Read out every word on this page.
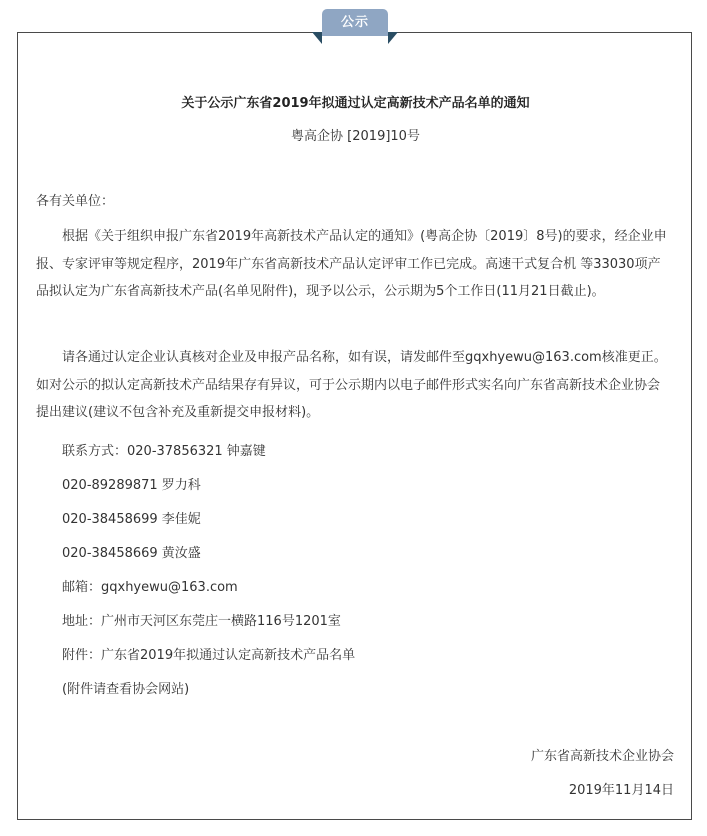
公示
关于公示广东省2019年拟通过认定高新技术产品名单的通知
粤高企协 [2019]10号
各有关单位：
根据《关于组织申报广东省2019年高新技术产品认定的通知》(粤高企协〔2019〕8号)的要求，经企业申报、专家评审等规定程序，2019年广东省高新技术产品认定评审工作已完成。高速干式复合机 等33030项产品拟认定为广东省高新技术产品(名单见附件)，现予以公示，公示期为5个工作日(11月21日截止)。
请各通过认定企业认真核对企业及申报产品名称，如有误，请发邮件至gqxhyewu@163.com核准更正。如对公示的拟认定高新技术产品结果存有异议，可于公示期内以电子邮件形式实名向广东省高新技术企业协会提出建议(建议不包含补充及重新提交申报材料)。
联系方式：020-37856321 钟嘉键
020-89289871 罗力科
020-38458699 李佳妮
020-38458669 黄汝盛
邮箱：gqxhyewu@163.com
地址：广州市天河区东莞庄一横路116号1201室
附件：广东省2019年拟通过认定高新技术产品名单
(附件请查看协会网站)
广东省高新技术企业协会
2019年11月14日
